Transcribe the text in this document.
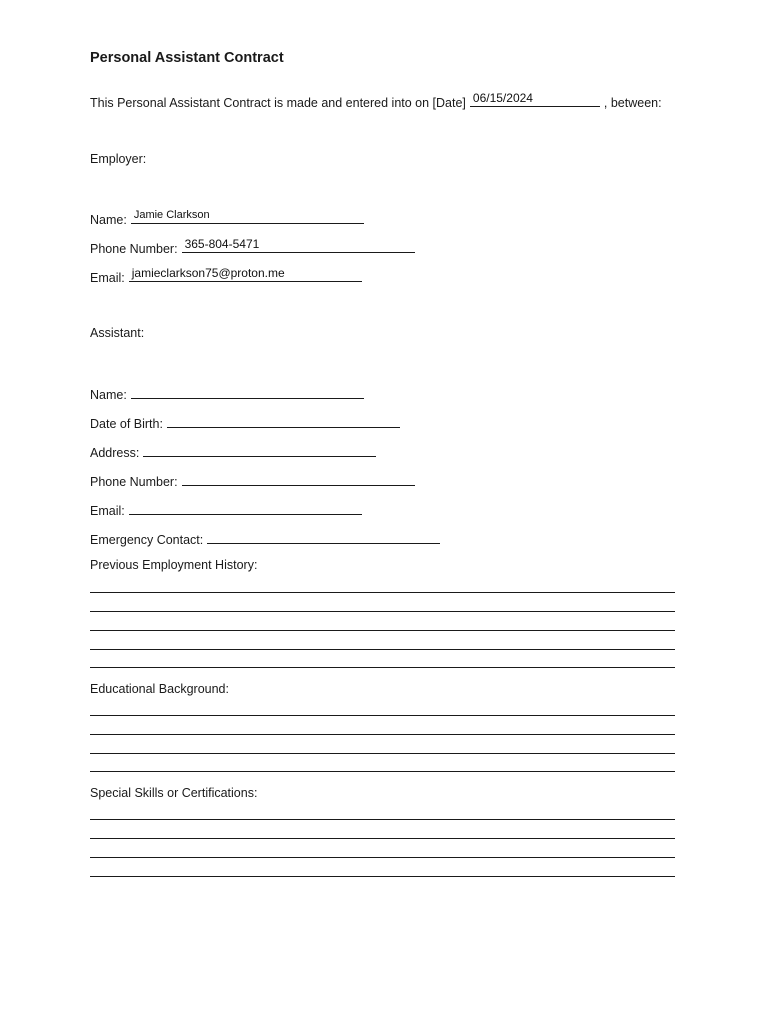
Personal Assistant Contract
This Personal Assistant Contract is made and entered into on [Date] 06/15/2024	, between:
Employer:
Name: Jamie Clarkson
Phone Number: 365-804-5471
Email: jamieclarkson75@proton.me
Assistant:
Name:
Date of Birth:
Address:
Phone Number:
Email:
Emergency Contact:
Previous Employment History:
Educational Background:
Special Skills or Certifications:
